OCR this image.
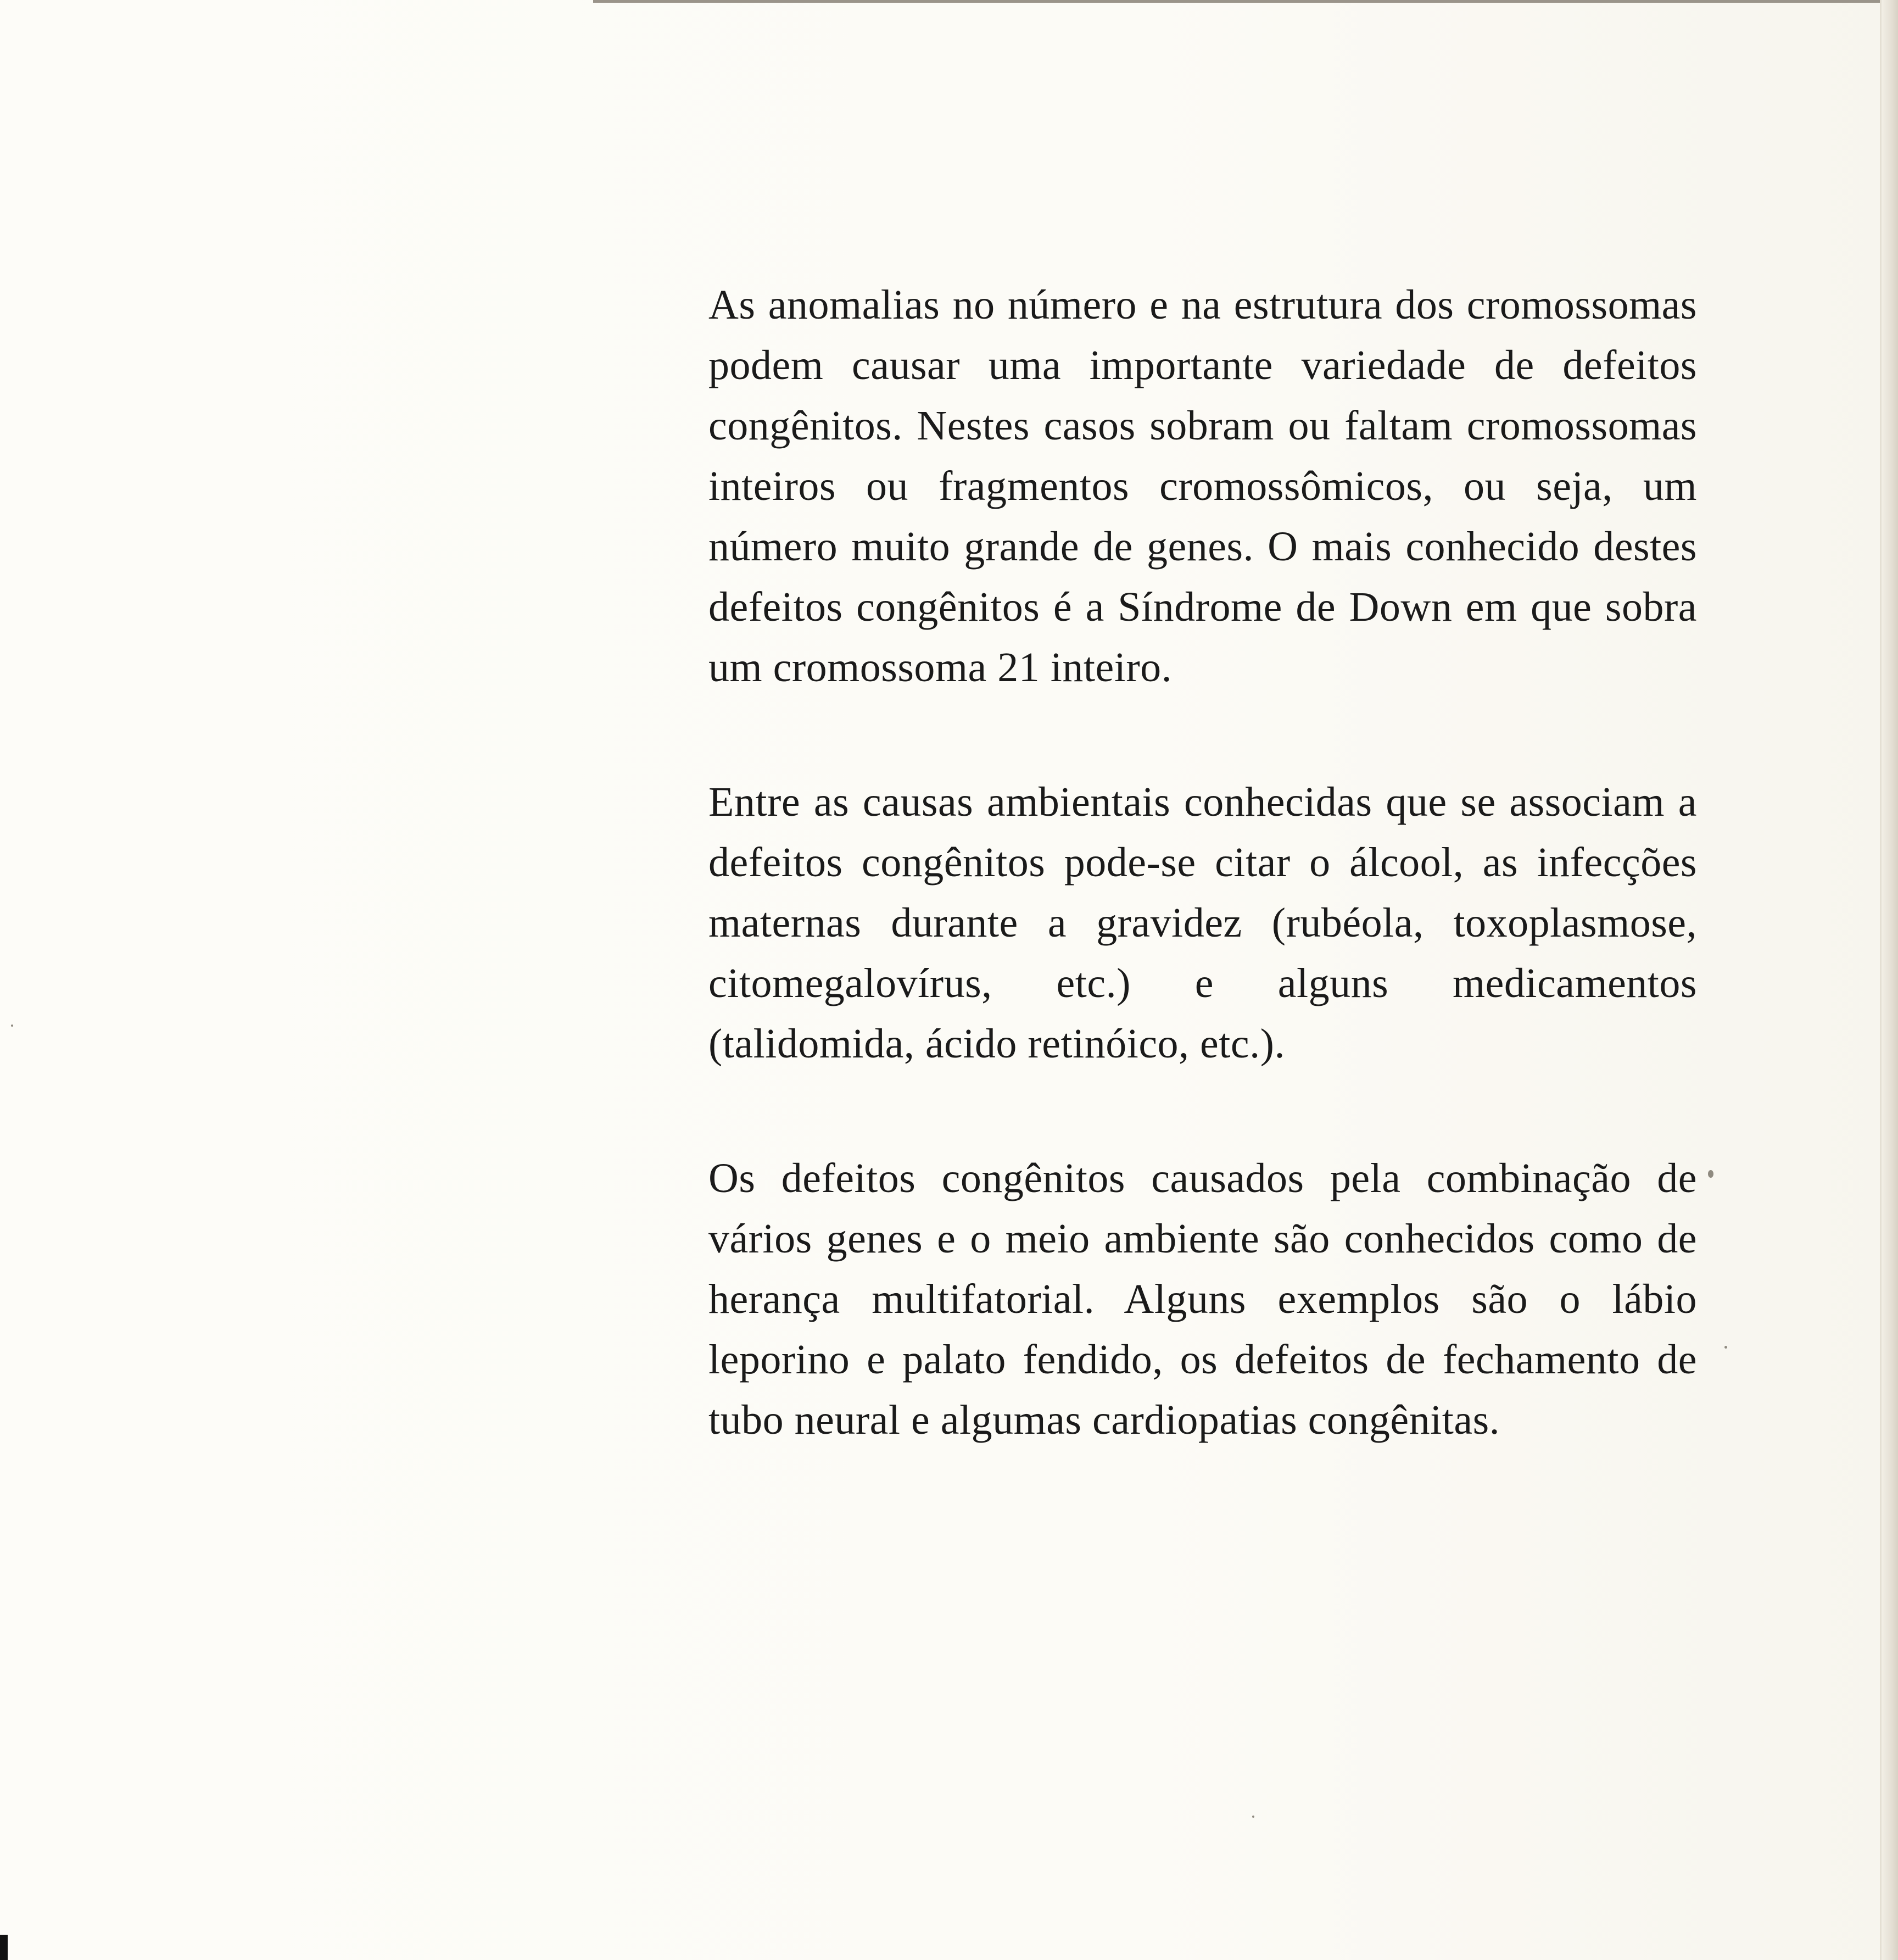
As anomalias no número e na estrutura dos cromossomas podem causar uma importante variedade de defeitos congênitos. Nestes casos sobram ou faltam cromossomas inteiros ou fragmentos cromossômicos, ou seja, um número muito grande de genes. O mais conhecido destes defeitos congênitos é a Síndrome de Down em que sobra um cromossoma 21 inteiro.

Entre as causas ambientais conhecidas que se associam a defeitos congênitos pode-se citar o álcool, as infecções maternas durante a gravidez (rubéola, toxoplasmose, citomegalovírus, etc.) e alguns medicamentos (talidomida, ácido retinóico, etc.).

Os defeitos congênitos causados pela combinação de vários genes e o meio ambiente são conhecidos como de herança multifatorial. Alguns exemplos são o lábio leporino e palato fendido, os defeitos de fechamento de tubo neural e algumas cardiopatias congênitas.
